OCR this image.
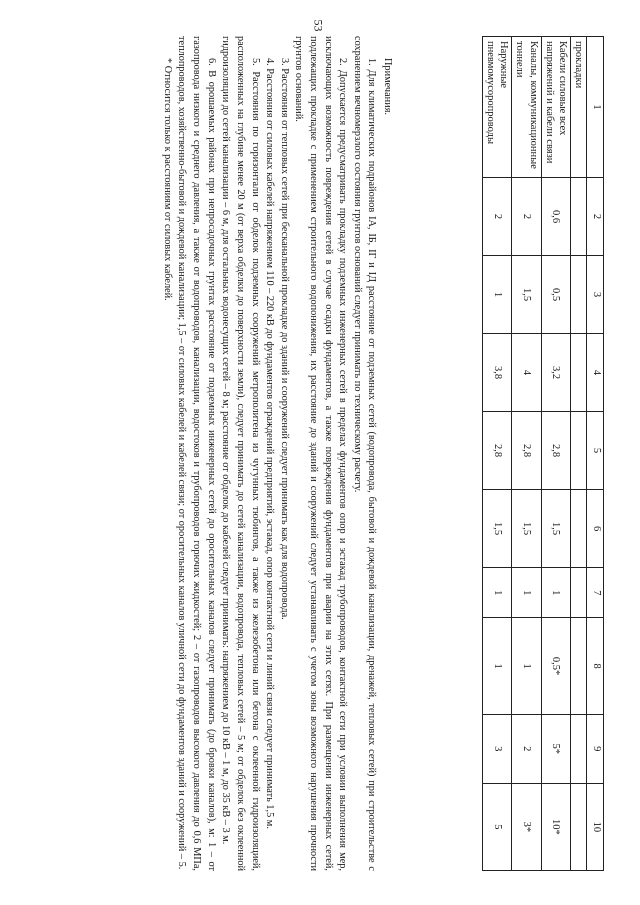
53
1	2	3	4	5	6	7	8	9	10
прокладки									
Кабели силовые всех напряжений и кабели связи	0,6	0,5	3,2	2,8	1,5	1	0,5*	5*	10*
Каналы, коммуникационные тоннели	2	1,5	4	2,8	1,5	1	1	2	3*
Наружные пневмомусоропроводы	2	1	3,8	2,8	1,5	1	1	3	5

Примечания.

1. Для климатических подрайонов IА, IБ, IГ и IД расстояние от подземных сетей (водопровода, бытовой и дождевой канализации, дренажей, тепловых сетей) при строительстве с сохранением вечномерзлого состояния грунтов оснований следует принимать по техническому расчету.

2. Допускается предусматривать прокладку подземных инженерных сетей в пределах фундаментов опор и эстакад трубопроводов, контактной сети при условии выполнения мер, исключающих возможность повреждения сетей в случае осадки фундаментов, а также повреждения фундаментов при аварии на этих сетях. При размещении инженерных сетей, подлежащих прокладке с применением строительного водопонижения, их расстояние до зданий и сооружений следует устанавливать с учетом зоны возможного нарушения прочности грунтов оснований.

3. Расстояния от тепловых сетей при бесканальной прокладке до зданий и сооружений следует принимать как для водопровода.

4. Расстояния от силовых кабелей напряжением 110 – 220 кВ до фундаментов ограждений предприятий, эстакад, опор контактной сети и линий связи следует принимать 1,5 м.

5. Расстояния по горизонтали от обделок подземных сооружений метрополитена из чугунных тюбингов, а также из железобетона или бетона с оклеенной гидроизоляцией, расположенных на глубине менее 20 м (от верха обделки до поверхности земли), следует принимать до сетей канализации, водопровода, тепловых сетей – 5 м; от обделок без оклеенной гидроизоляции до сетей канализации – 6 м, для остальных водонесущих сетей – 8 м; расстояние от обделок до кабелей следует принимать: напряжением до 10 кВ – 1 м, до 35 кВ – 3 м.

6. В орошаемых районах при непросадочных грунтах расстояние от подземных инженерных сетей до оросительных каналов следует принимать (до бровки каналов), м: 1 – от газопровода низкого и среднего давления, а также от водопроводов, канализации, водостоков и трубопроводов горючих жидкостей; 2 – от газопроводов высокого давления до 0,6 МПа, теплопроводов, хозяйственно-бытовой и дождевой канализации; 1,5 – от силовых кабелей и кабелей связи; от оросительных каналов уличной сети до фундаментов зданий и сооружений – 5.

* Относится только к расстояниям от силовых кабелей.
